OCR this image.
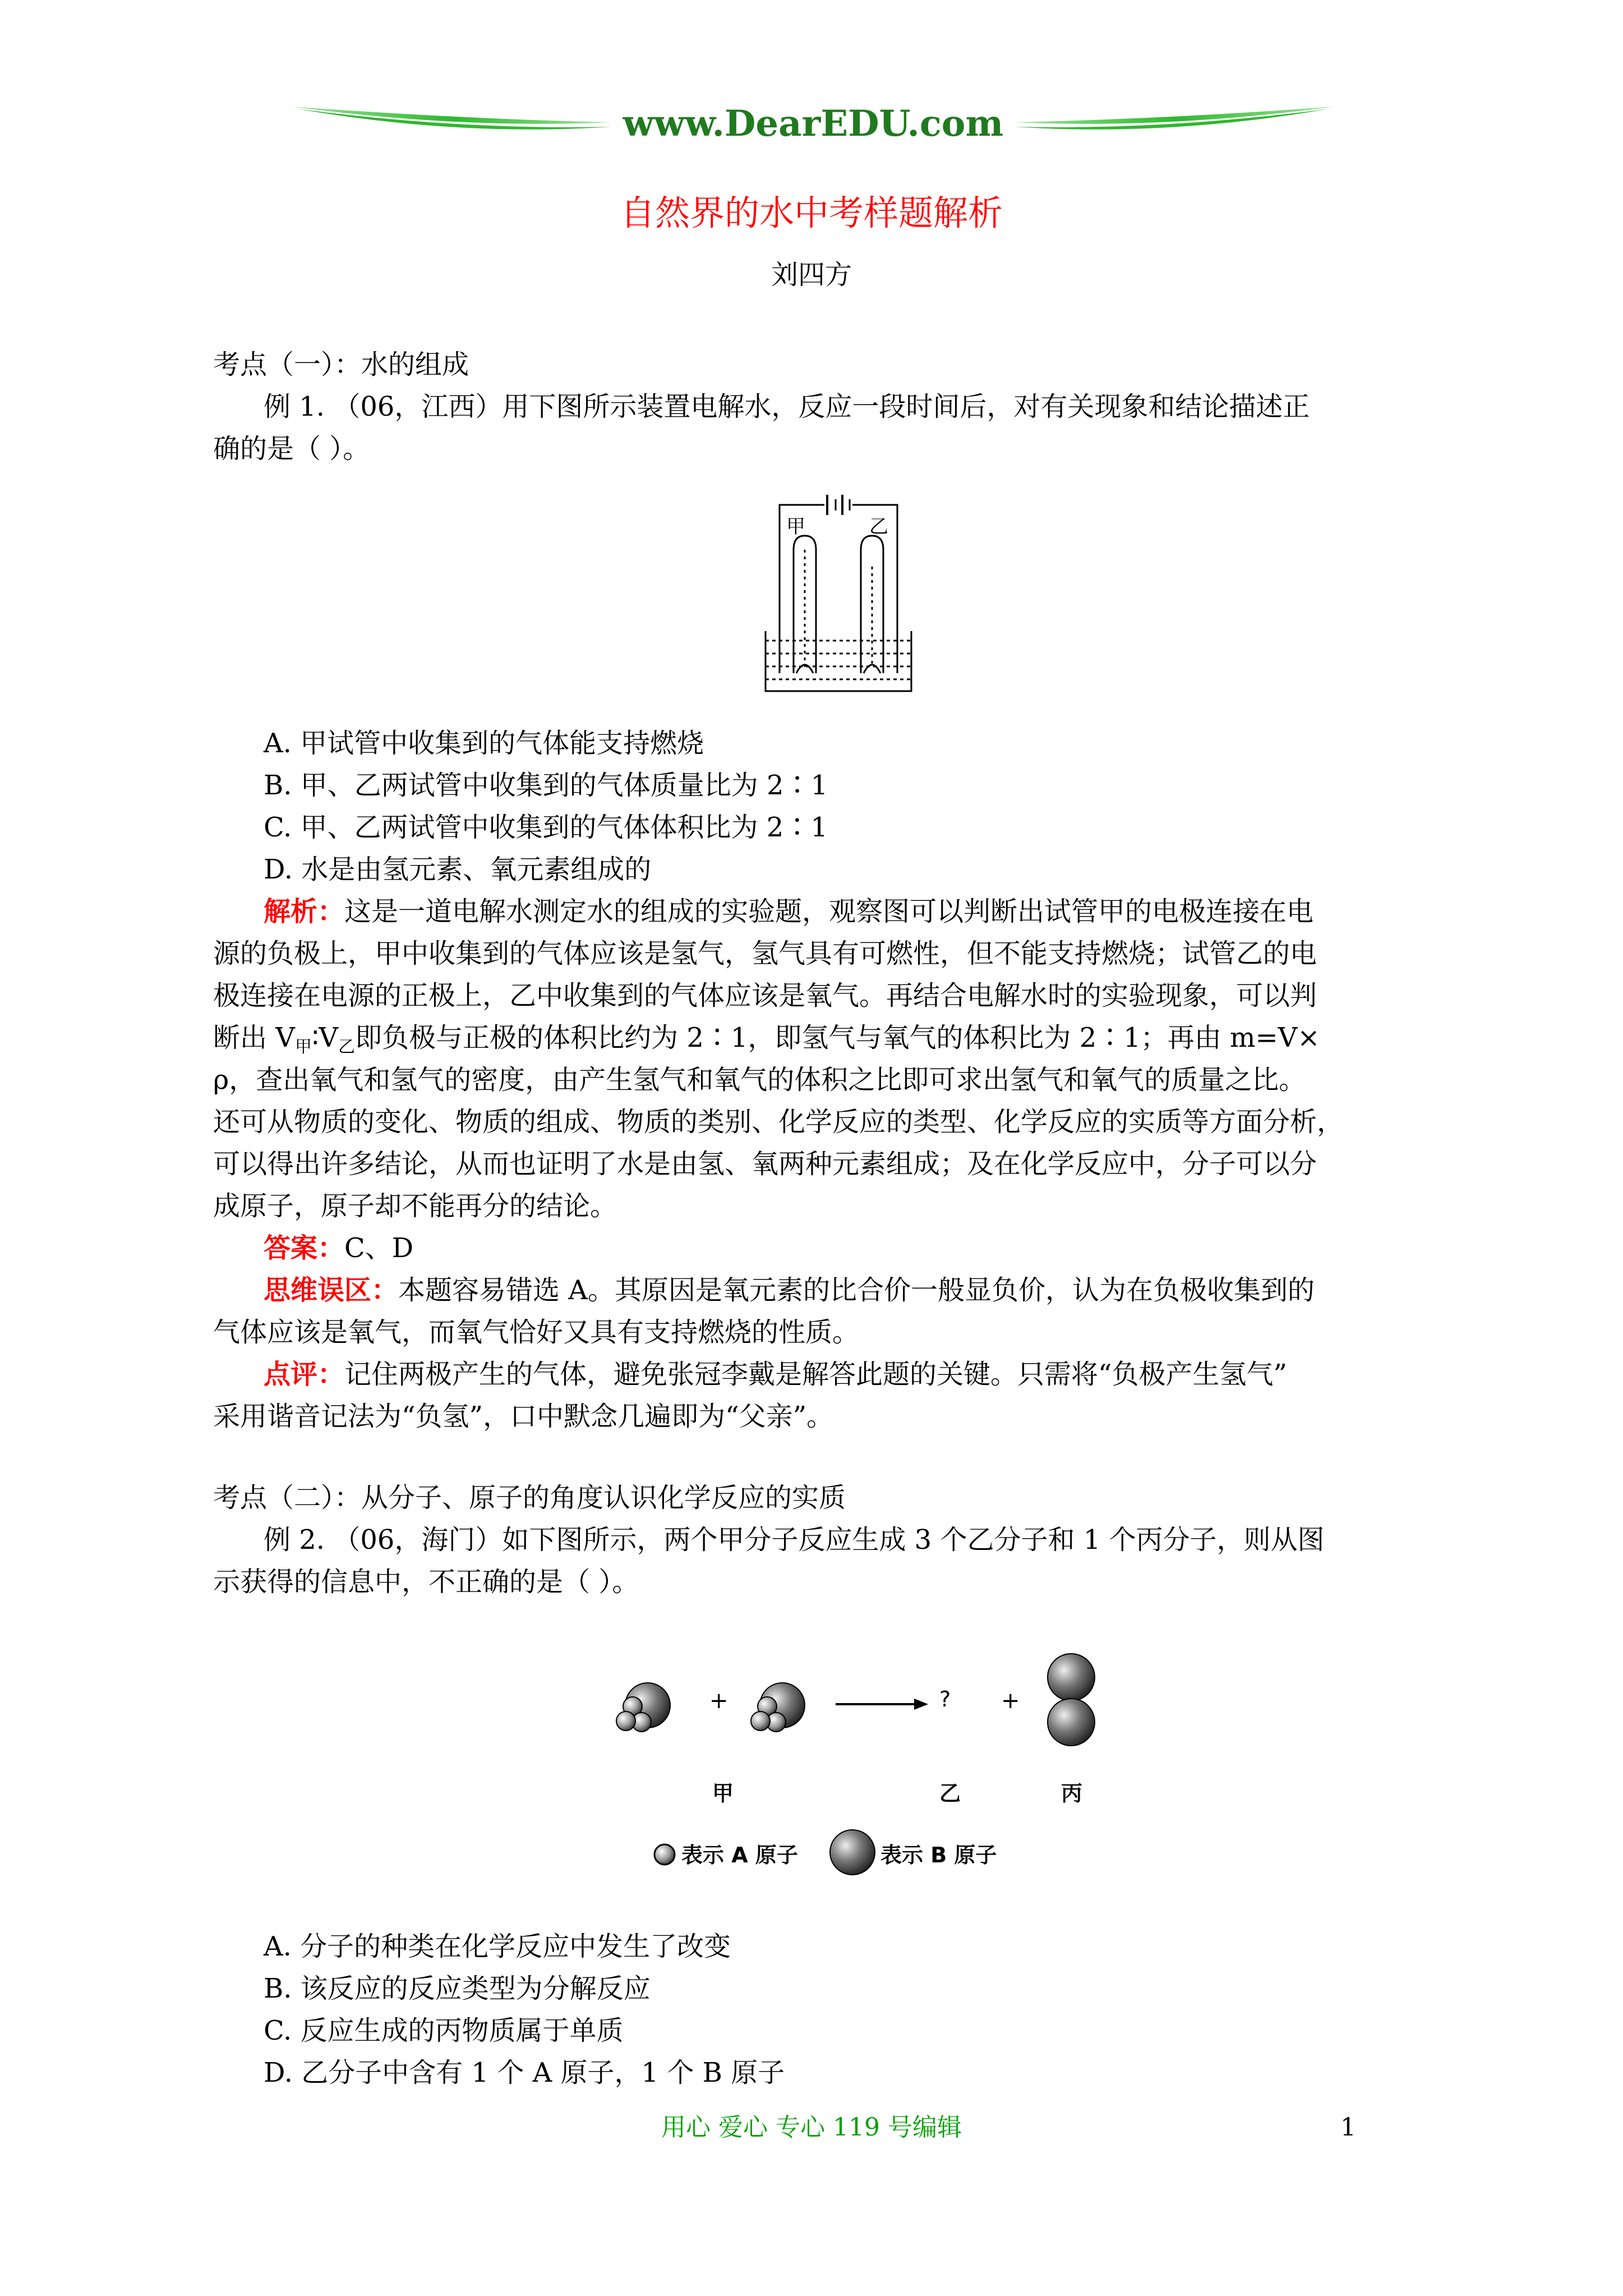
www.DearEDU.com
自然界的水中考样题解析
刘四方
考点（一）：水的组成
例 1. （06，江西）用下图所示装置电解水，反应一段时间后，对有关现象和结论描述正
确的是（ ）。
甲	乙
A. 甲试管中收集到的气体能支持燃烧
B. 甲、乙两试管中收集到的气体质量比为 2∶1
C. 甲、乙两试管中收集到的气体体积比为 2∶1
D. 水是由氢元素、氧元素组成的
解析：这是一道电解水测定水的组成的实验题，观察图可以判断出试管甲的电极连接在电
源的负极上，甲中收集到的气体应该是氢气，氢气具有可燃性，但不能支持燃烧；试管乙的电
极连接在电源的正极上，乙中收集到的气体应该是氧气。再结合电解水时的实验现象，可以判
断出 $V_甲∶V_乙$即负极与正极的体积比约为 2∶1，即氢气与氧气的体积比为 2∶1；再由 m=V×
ρ，查出氧气和氢气的密度，由产生氢气和氧气的体积之比即可求出氢气和氧气的质量之比。
还可从物质的变化、物质的组成、物质的类别、化学反应的类型、化学反应的实质等方面分析，
可以得出许多结论，从而也证明了水是由氢、氧两种元素组成；及在化学反应中，分子可以分
成原子，原子却不能再分的结论。
答案：C、D
思维误区：本题容易错选 A。其原因是氧元素的比合价一般显负价，认为在负极收集到的
气体应该是氧气，而氧气恰好又具有支持燃烧的性质。
点评：记住两极产生的气体，避免张冠李戴是解答此题的关键。只需将“负极产生氢气”
采用谐音记法为“负氢”，口中默念几遍即为“父亲”。
考点（二）：从分子、原子的角度认识化学反应的实质
例 2. （06，海门）如下图所示，两个甲分子反应生成 3 个乙分子和 1 个丙分子，则从图
示获得的信息中，不正确的是（ ）。
+	? +
甲	乙	丙
表示 A 原子	表示 B 原子
A. 分子的种类在化学反应中发生了改变
B. 该反应的反应类型为分解反应
C. 反应生成的丙物质属于单质
D. 乙分子中含有 1 个 A 原子，1 个 B 原子
用心 爱心 专心 119 号编辑	1
